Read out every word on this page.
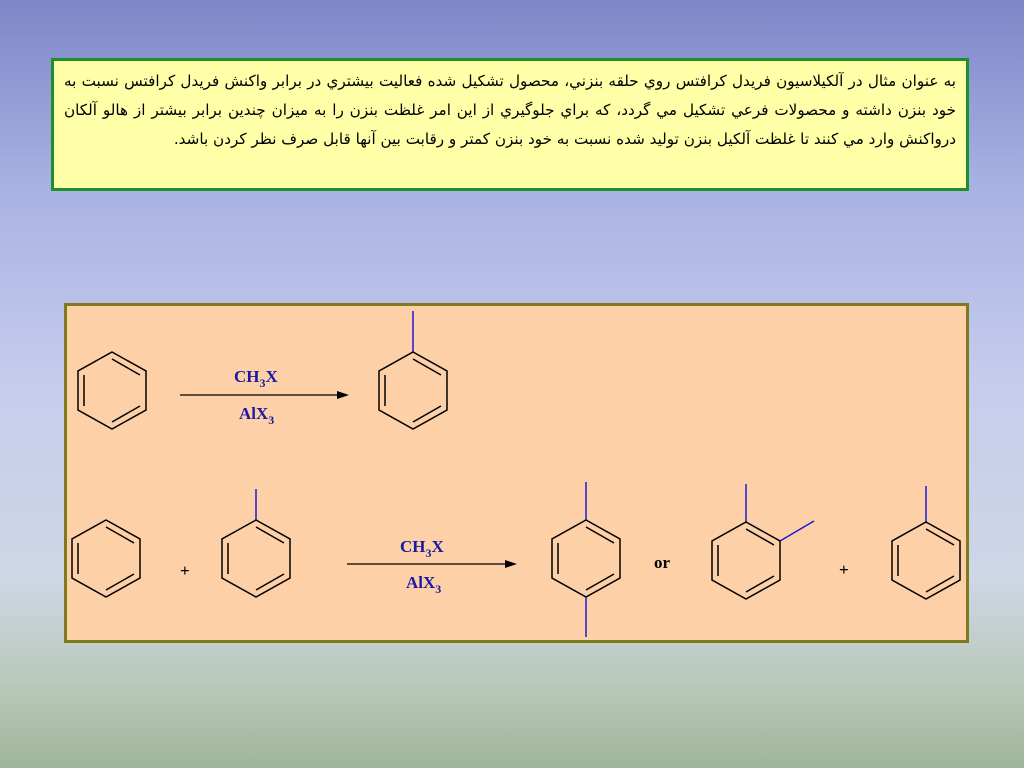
به عنوان مثال در آلكيلاسيون فريدل كرافتس روي حلقه بنزني، محصول تشكيل شده فعاليت بيشتري در برابر واكنش فريدل كرافتس نسبت به خود بنزن داشته و محصولات فرعي تشكيل مي گردد، كه براي جلوگيري از اين امر غلظت بنزن را به ميزان چندين برابر بيشتر از هالو آلكان درواكنش وارد مي كنند تا غلظت آلكيل بنزن توليد شده نسبت به خود بنزن كمتر و رقابت بين آنها قابل صرف نظر كردن باشد.
$CH_3X$
AlX$_3$
+
$CH_3X$
AlX$_3$
or	+
